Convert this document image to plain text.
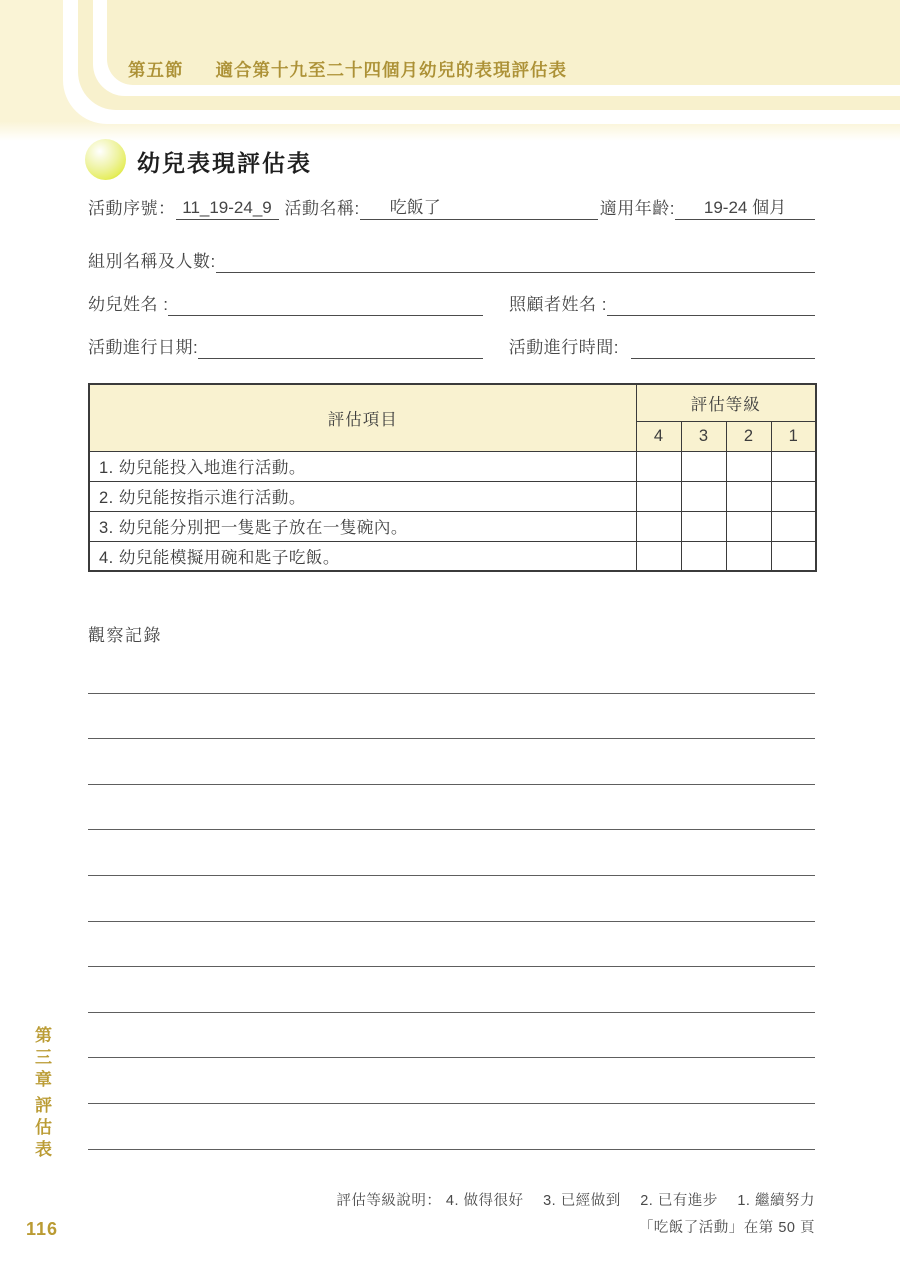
第五節 適合第十九至二十四個月幼兒的表現評估表
幼兒表現評估表
活動序號： 11_19-24_9 活動名稱:	吃飯了	適用年齡:	19-24 個月
組別名稱及人數:
幼兒姓名 :	照顧者姓名 :
活動進行日期:	活動進行時間:
評估項目	評估等級			
	4	3	2	1
1. 幼兒能投入地進行活動。				
2. 幼兒能按指示進行活動。				
3. 幼兒能分別把一隻匙子放在一隻碗內。				
4. 幼兒能模擬用碗和匙子吃飯。				
觀察記錄
第三章
評估表
116
評估等級說明： 4. 做得很好　 3. 已經做到　 2. 已有進步　 1. 繼續努力
「吃飯了活動」在第 50 頁
